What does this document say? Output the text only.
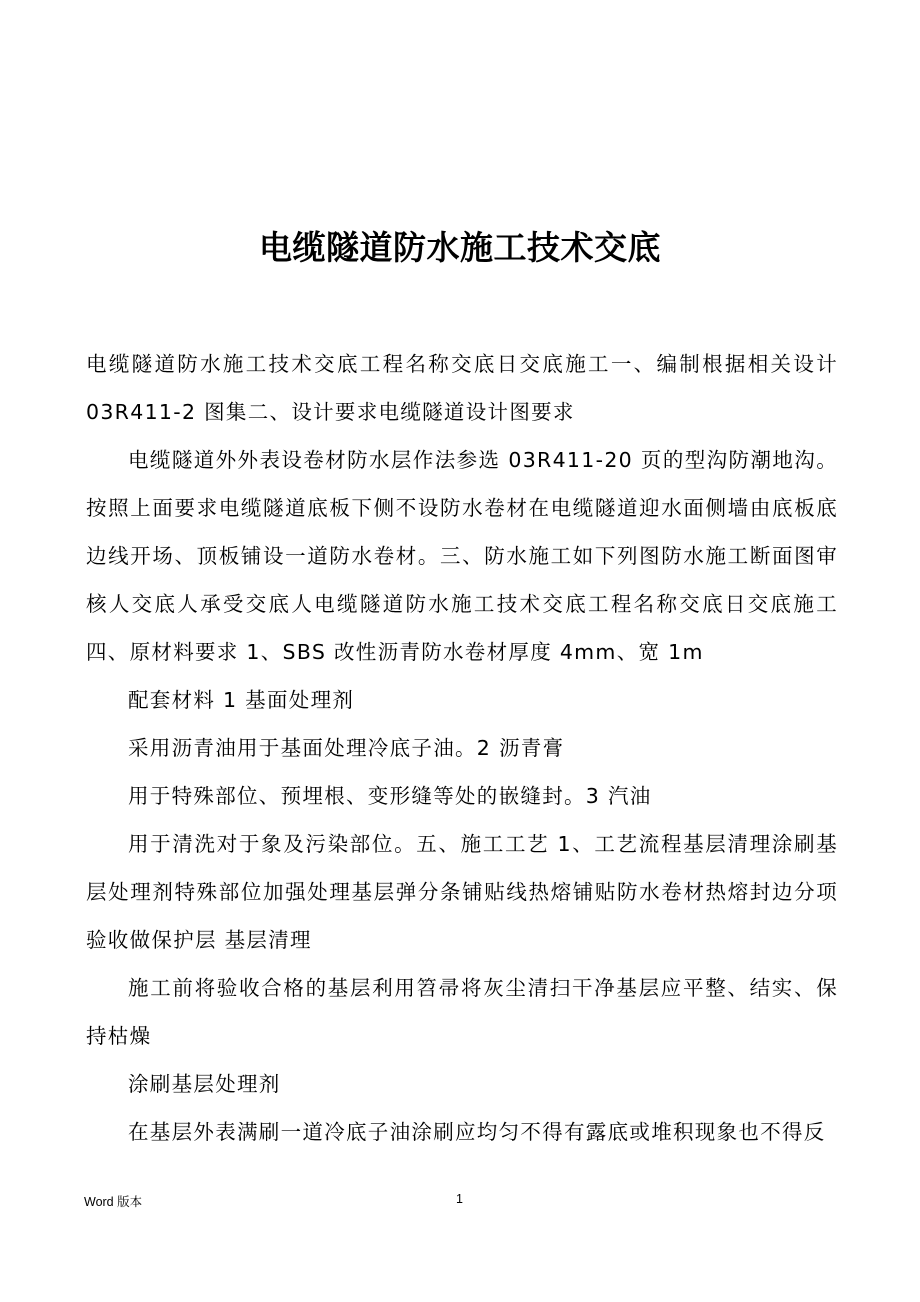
电缆隧道防水施工技术交底

电缆隧道防水施工技术交底工程名称交底日交底施工一、编制根据相关设计03R411-2 图集二、设计要求电缆隧道设计图要求

电缆隧道外外表设卷材防水层作法参选 03R411-20 页的型沟防潮地沟。按照上面要求电缆隧道底板下侧不设防水卷材在电缆隧道迎水面侧墙由底板底边线开场、顶板铺设一道防水卷材。三、防水施工如下列图防水施工断面图审核人交底人承受交底人电缆隧道防水施工技术交底工程名称交底日交底施工四、原材料要求 1、SBS 改性沥青防水卷材厚度 4mm、宽 1m

配套材料 1 基面处理剂

采用沥青油用于基面处理冷底子油。2 沥青膏

用于特殊部位、预埋根、变形缝等处的嵌缝封。3 汽油

用于清洗对于象及污染部位。五、施工工艺 1、工艺流程基层清理涂刷基层处理剂特殊部位加强处理基层弹分条铺贴线热熔铺贴防水卷材热熔封边分项验收做保护层 基层清理

施工前将验收合格的基层利用笤帚将灰尘清扫干净基层应平整、结实、保持枯燥

涂刷基层处理剂

在基层外表满刷一道冷底子油涂刷应均匀不得有露底或堆积现象也不得反

Word 版本	1
